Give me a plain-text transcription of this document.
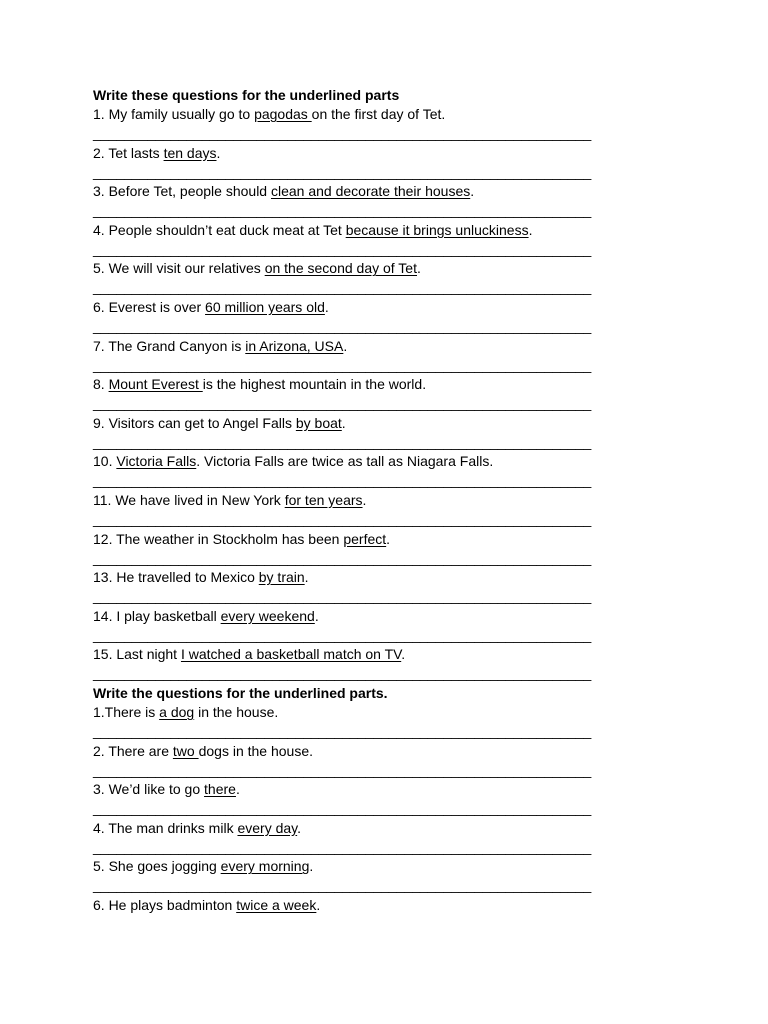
Write these questions for the underlined parts
1. My family usually go to pagodas on the first day of Tet.
________________________________________________________________
2. Tet lasts ten days.
________________________________________________________________
3. Before Tet, people should clean and decorate their houses.
________________________________________________________________
4. People shouldn’t eat duck meat at Tet because it brings unluckiness.
________________________________________________________________
5. We will visit our relatives on the second day of Tet.
________________________________________________________________
6. Everest is over 60 million years old.
________________________________________________________________
7. The Grand Canyon is in Arizona, USA.
________________________________________________________________
8. Mount Everest is the highest mountain in the world.
________________________________________________________________
9. Visitors can get to Angel Falls by boat.
________________________________________________________________
10. Victoria Falls. Victoria Falls are twice as tall as Niagara Falls.
________________________________________________________________
11. We have lived in New York for ten years.
________________________________________________________________
12. The weather in Stockholm has been perfect.
________________________________________________________________
13. He travelled to Mexico by train.
________________________________________________________________
14. I play basketball every weekend.
________________________________________________________________
15. Last night I watched a basketball match on TV.
________________________________________________________________
Write the questions for the underlined parts.
1.There is a dog in the house.
________________________________________________________________
2. There are two dogs in the house.
________________________________________________________________
3. We’d like to go there.
________________________________________________________________
4. The man drinks milk every day.
________________________________________________________________
5. She goes jogging every morning.
________________________________________________________________
6. He plays badminton twice a week.
